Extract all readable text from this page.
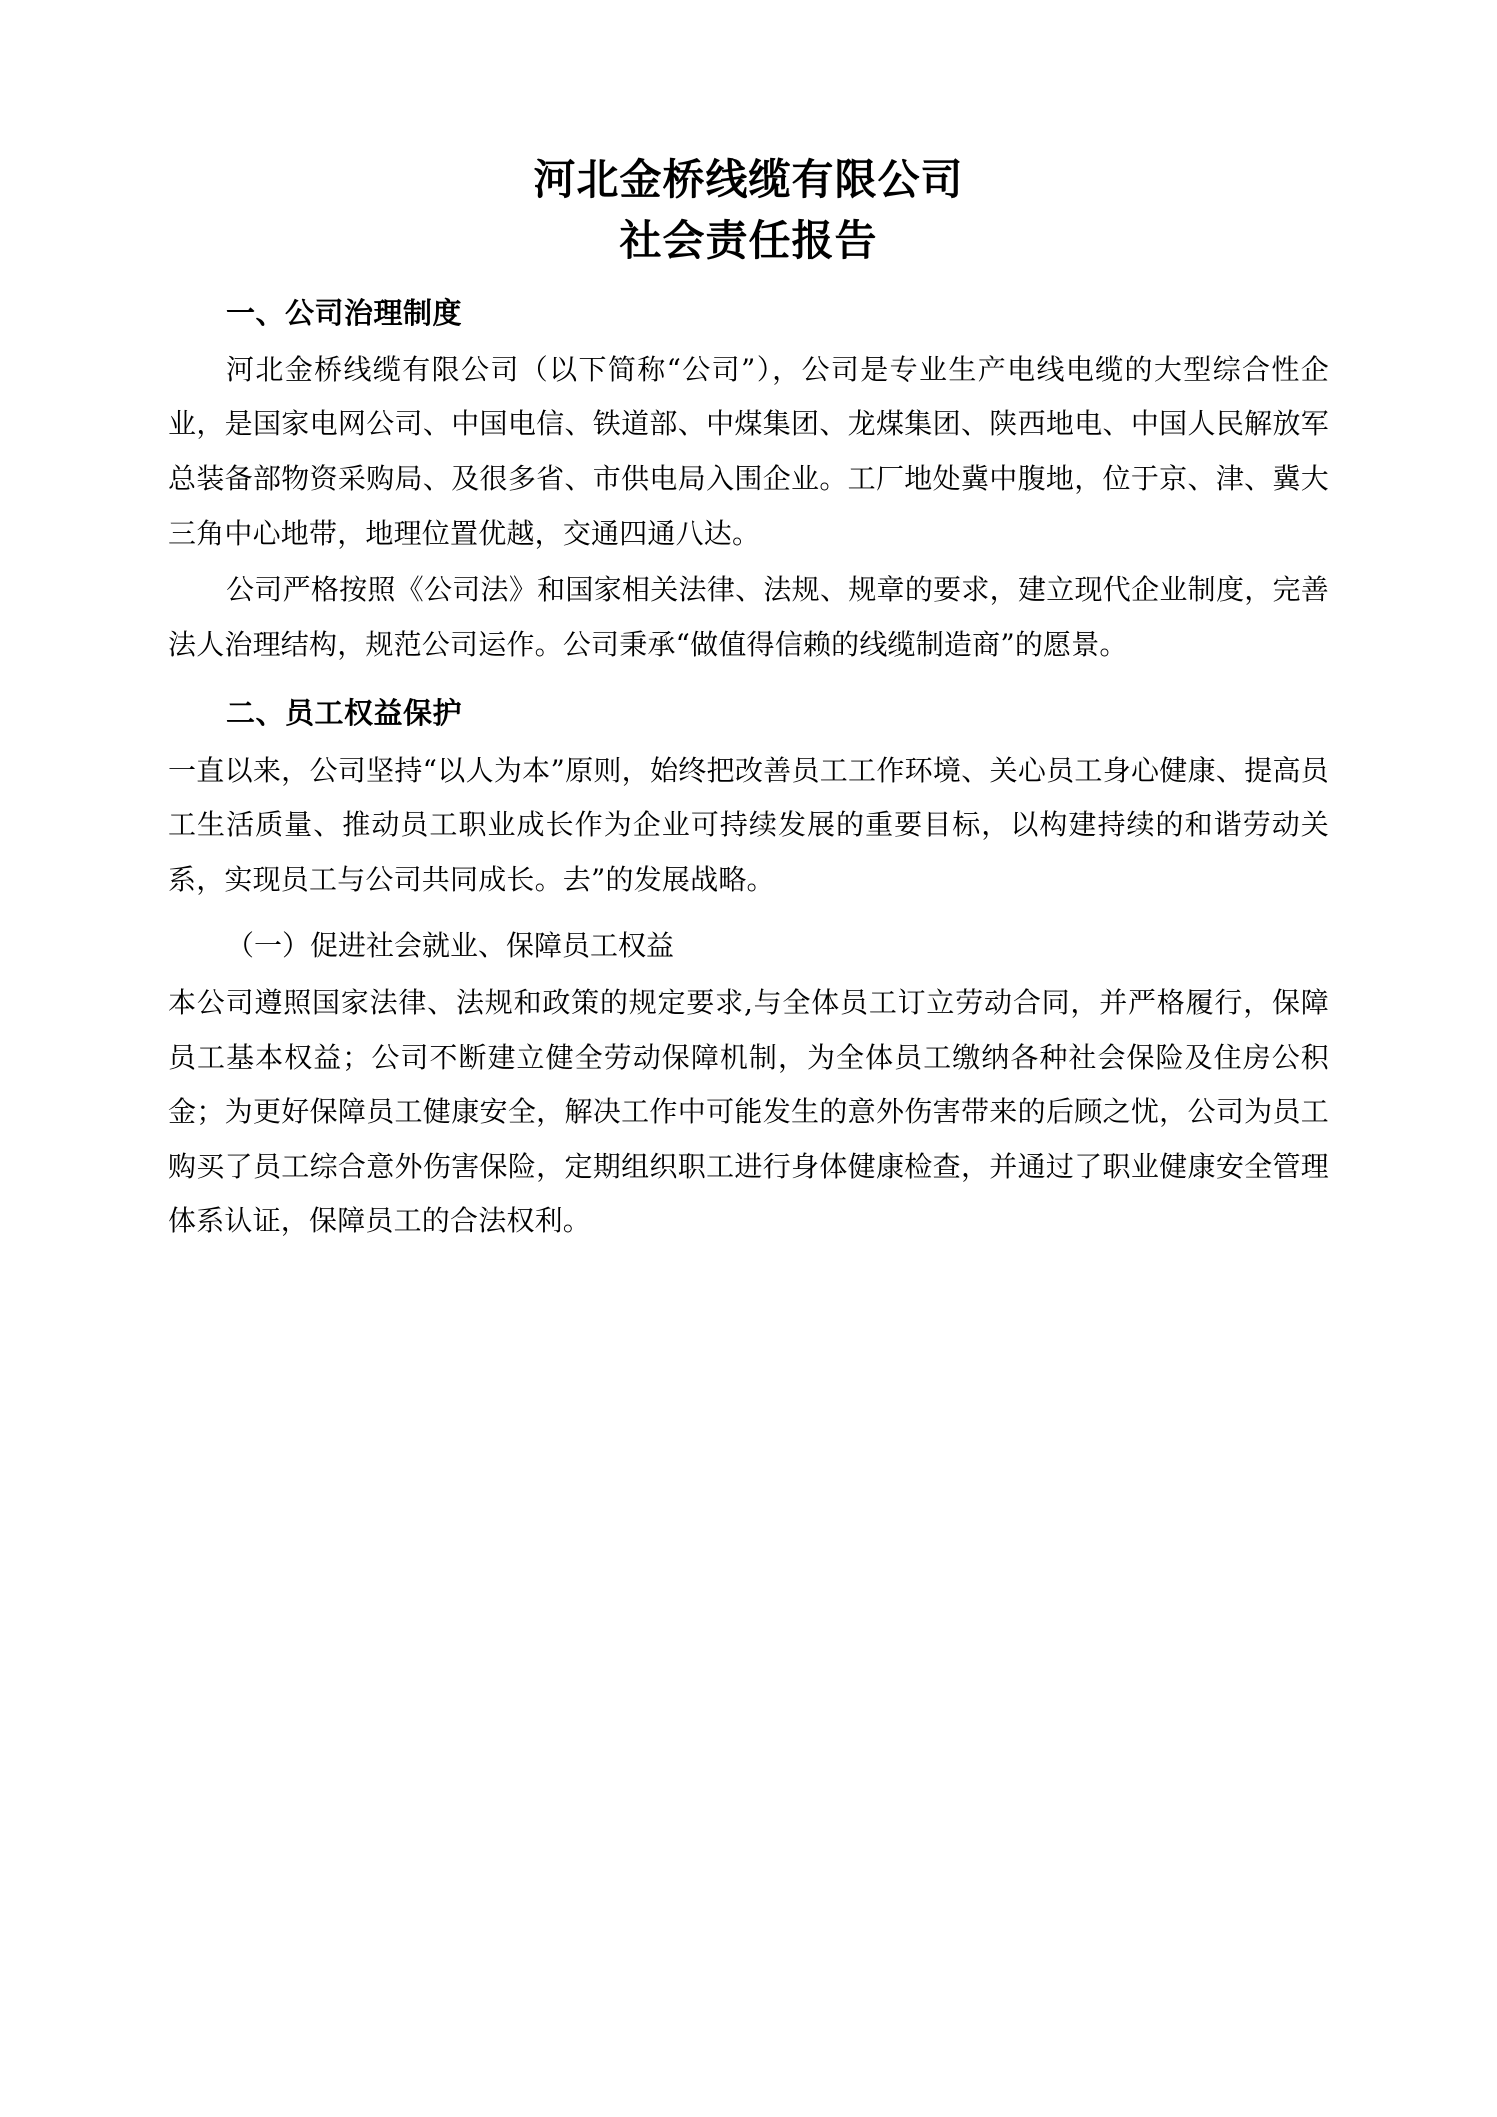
河北金桥线缆有限公司
社会责任报告
一、公司治理制度

河北金桥线缆有限公司（以下简称“公司”），公司是专业生产电线电缆的大型综合性企业，是国家电网公司、中国电信、铁道部、中煤集团、龙煤集团、陕西地电、中国人民解放军总装备部物资采购局、及很多省、市供电局入围企业。工厂地处冀中腹地，位于京、津、冀大三角中心地带，地理位置优越，交通四通八达。

公司严格按照《公司法》和国家相关法律、法规、规章的要求，建立现代企业制度，完善法人治理结构，规范公司运作。公司秉承“做值得信赖的线缆制造商”的愿景。

二、员工权益保护

一直以来，公司坚持“以人为本”原则，始终把改善员工工作环境、关心员工身心健康、提高员工生活质量、推动员工职业成长作为企业可持续发展的重要目标，以构建持续的和谐劳动关系，实现员工与公司共同成长。去”的发展战略。

（一）促进社会就业、保障员工权益

本公司遵照国家法律、法规和政策的规定要求,与全体员工订立劳动合同，并严格履行，保障员工基本权益；公司不断建立健全劳动保障机制，为全体员工缴纳各种社会保险及住房公积金；为更好保障员工健康安全，解决工作中可能发生的意外伤害带来的后顾之忧，公司为员工购买了员工综合意外伤害保险，定期组织职工进行身体健康检查，并通过了职业健康安全管理体系认证，保障员工的合法权利。
